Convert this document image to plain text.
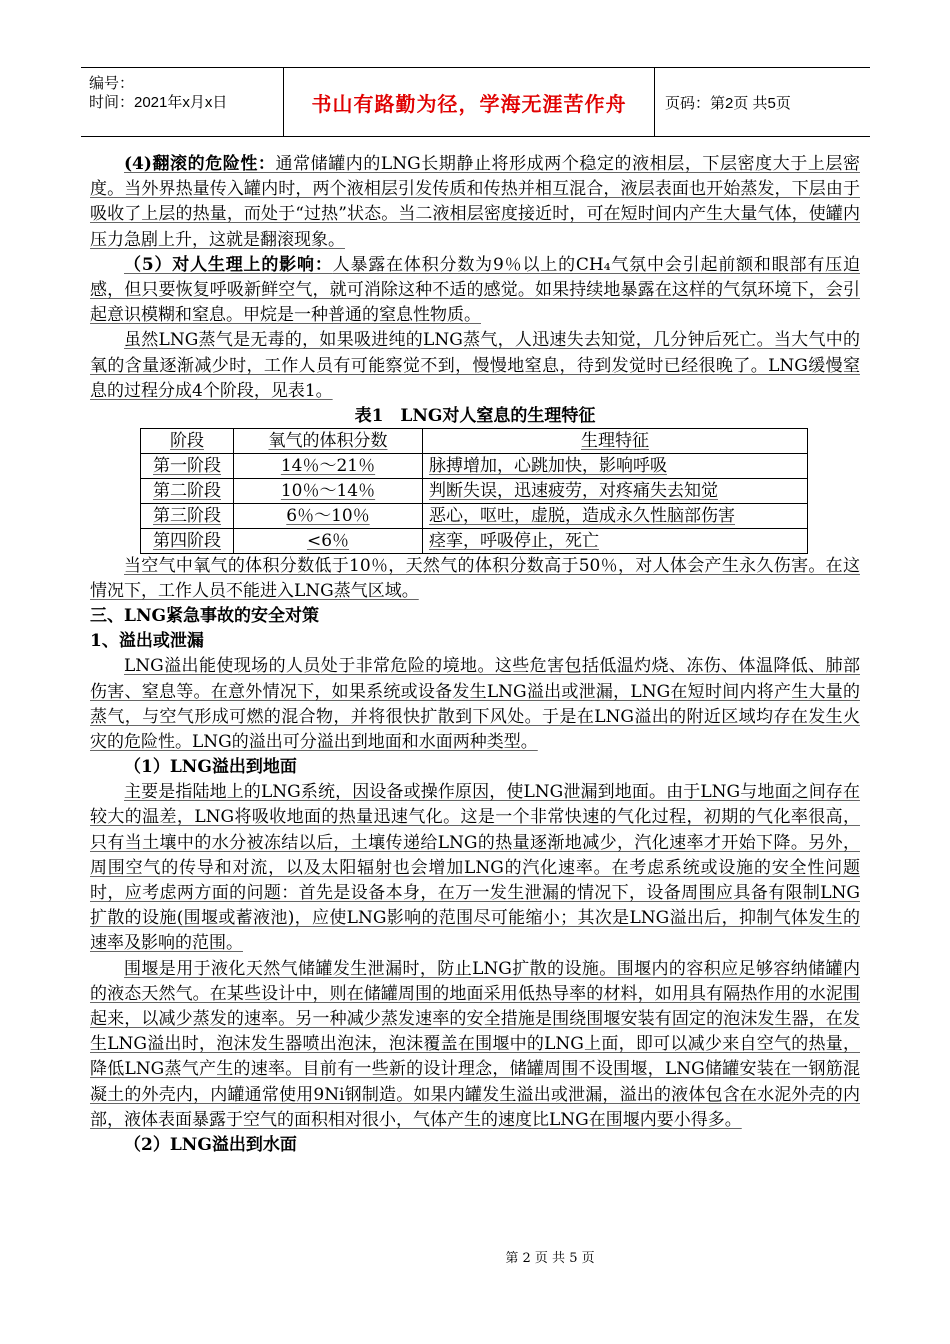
编号：
时间：2021年x月x日	书山有路勤为径，学海无涯苦作舟	页码：第2页 共5页

(4)翻滚的危险性：通常储罐内的LNG长期静止将形成两个稳定的液相层，下层密度大于上层密度。当外界热量传入罐内时，两个液相层引发传质和传热并相互混合，液层表面也开始蒸发，下层由于吸收了上层的热量，而处于“过热”状态。当二液相层密度接近时，可在短时间内产生大量气体，使罐内压力急剧上升，这就是翻滚现象。

（5）对人生理上的影响：人暴露在体积分数为9％以上的CH₄气氛中会引起前额和眼部有压迫感，但只要恢复呼吸新鲜空气，就可消除这种不适的感觉。如果持续地暴露在这样的气氛环境下，会引起意识模糊和窒息。甲烷是一种普通的窒息性物质。

虽然LNG蒸气是无毒的，如果吸进纯的LNG蒸气，人迅速失去知觉，几分钟后死亡。当大气中的氧的含量逐渐减少时，工作人员有可能察觉不到，慢慢地窒息，待到发觉时已经很晚了。LNG缓慢窒息的过程分成4个阶段，见表1。

表1　LNG对人窒息的生理特征

阶段	氧气的体积分数	生理特征
第一阶段	14％～21％	脉搏增加，心跳加快，影响呼吸
第二阶段	10％～14％	判断失误，迅速疲劳，对疼痛失去知觉
第三阶段	6％～10％	恶心，呕吐，虚脱，造成永久性脑部伤害
第四阶段	<6％	痉挛，呼吸停止，死亡

当空气中氧气的体积分数低于10％，天然气的体积分数高于50％，对人体会产生永久伤害。在这情况下，工作人员不能进入LNG蒸气区域。

三、LNG紧急事故的安全对策

1、溢出或泄漏

LNG溢出能使现场的人员处于非常危险的境地。这些危害包括低温灼烧、冻伤、体温降低、肺部伤害、窒息等。在意外情况下，如果系统或设备发生LNG溢出或泄漏，LNG在短时间内将产生大量的蒸气，与空气形成可燃的混合物，并将很快扩散到下风处。于是在LNG溢出的附近区域均存在发生火灾的危险性。LNG的溢出可分溢出到地面和水面两种类型。

（1）LNG溢出到地面

主要是指陆地上的LNG系统，因设备或操作原因，使LNG泄漏到地面。由于LNG与地面之间存在较大的温差，LNG将吸收地面的热量迅速气化。这是一个非常快速的气化过程，初期的气化率很高，只有当土壤中的水分被冻结以后，土壤传递给LNG的热量逐渐地减少，汽化速率才开始下降。另外，周围空气的传导和对流，以及太阳辐射也会增加LNG的汽化速率。在考虑系统或设施的安全性问题时，应考虑两方面的问题：首先是设备本身，在万一发生泄漏的情况下，设备周围应具备有限制LNG扩散的设施(围堰或蓄液池)，应使LNG影响的范围尽可能缩小；其次是LNG溢出后，抑制气体发生的速率及影响的范围。

围堰是用于液化天然气储罐发生泄漏时，防止LNG扩散的设施。围堰内的容积应足够容纳储罐内的液态天然气。在某些设计中，则在储罐周围的地面采用低热导率的材料，如用具有隔热作用的水泥围起来，以减少蒸发的速率。另一种减少蒸发速率的安全措施是围绕围堰安装有固定的泡沫发生器，在发生LNG溢出时，泡沫发生器喷出泡沫，泡沫覆盖在围堰中的LNG上面，即可以减少来自空气的热量，降低LNG蒸气产生的速率。目前有一些新的设计理念，储罐周围不设围堰，LNG储罐安装在一钢筋混凝土的外壳内，内罐通常使用9Ni钢制造。如果内罐发生溢出或泄漏，溢出的液体包含在水泥外壳的内部，液体表面暴露于空气的面积相对很小，气体产生的速度比LNG在围堰内要小得多。

（2）LNG溢出到水面

第 2 页 共 5 页
